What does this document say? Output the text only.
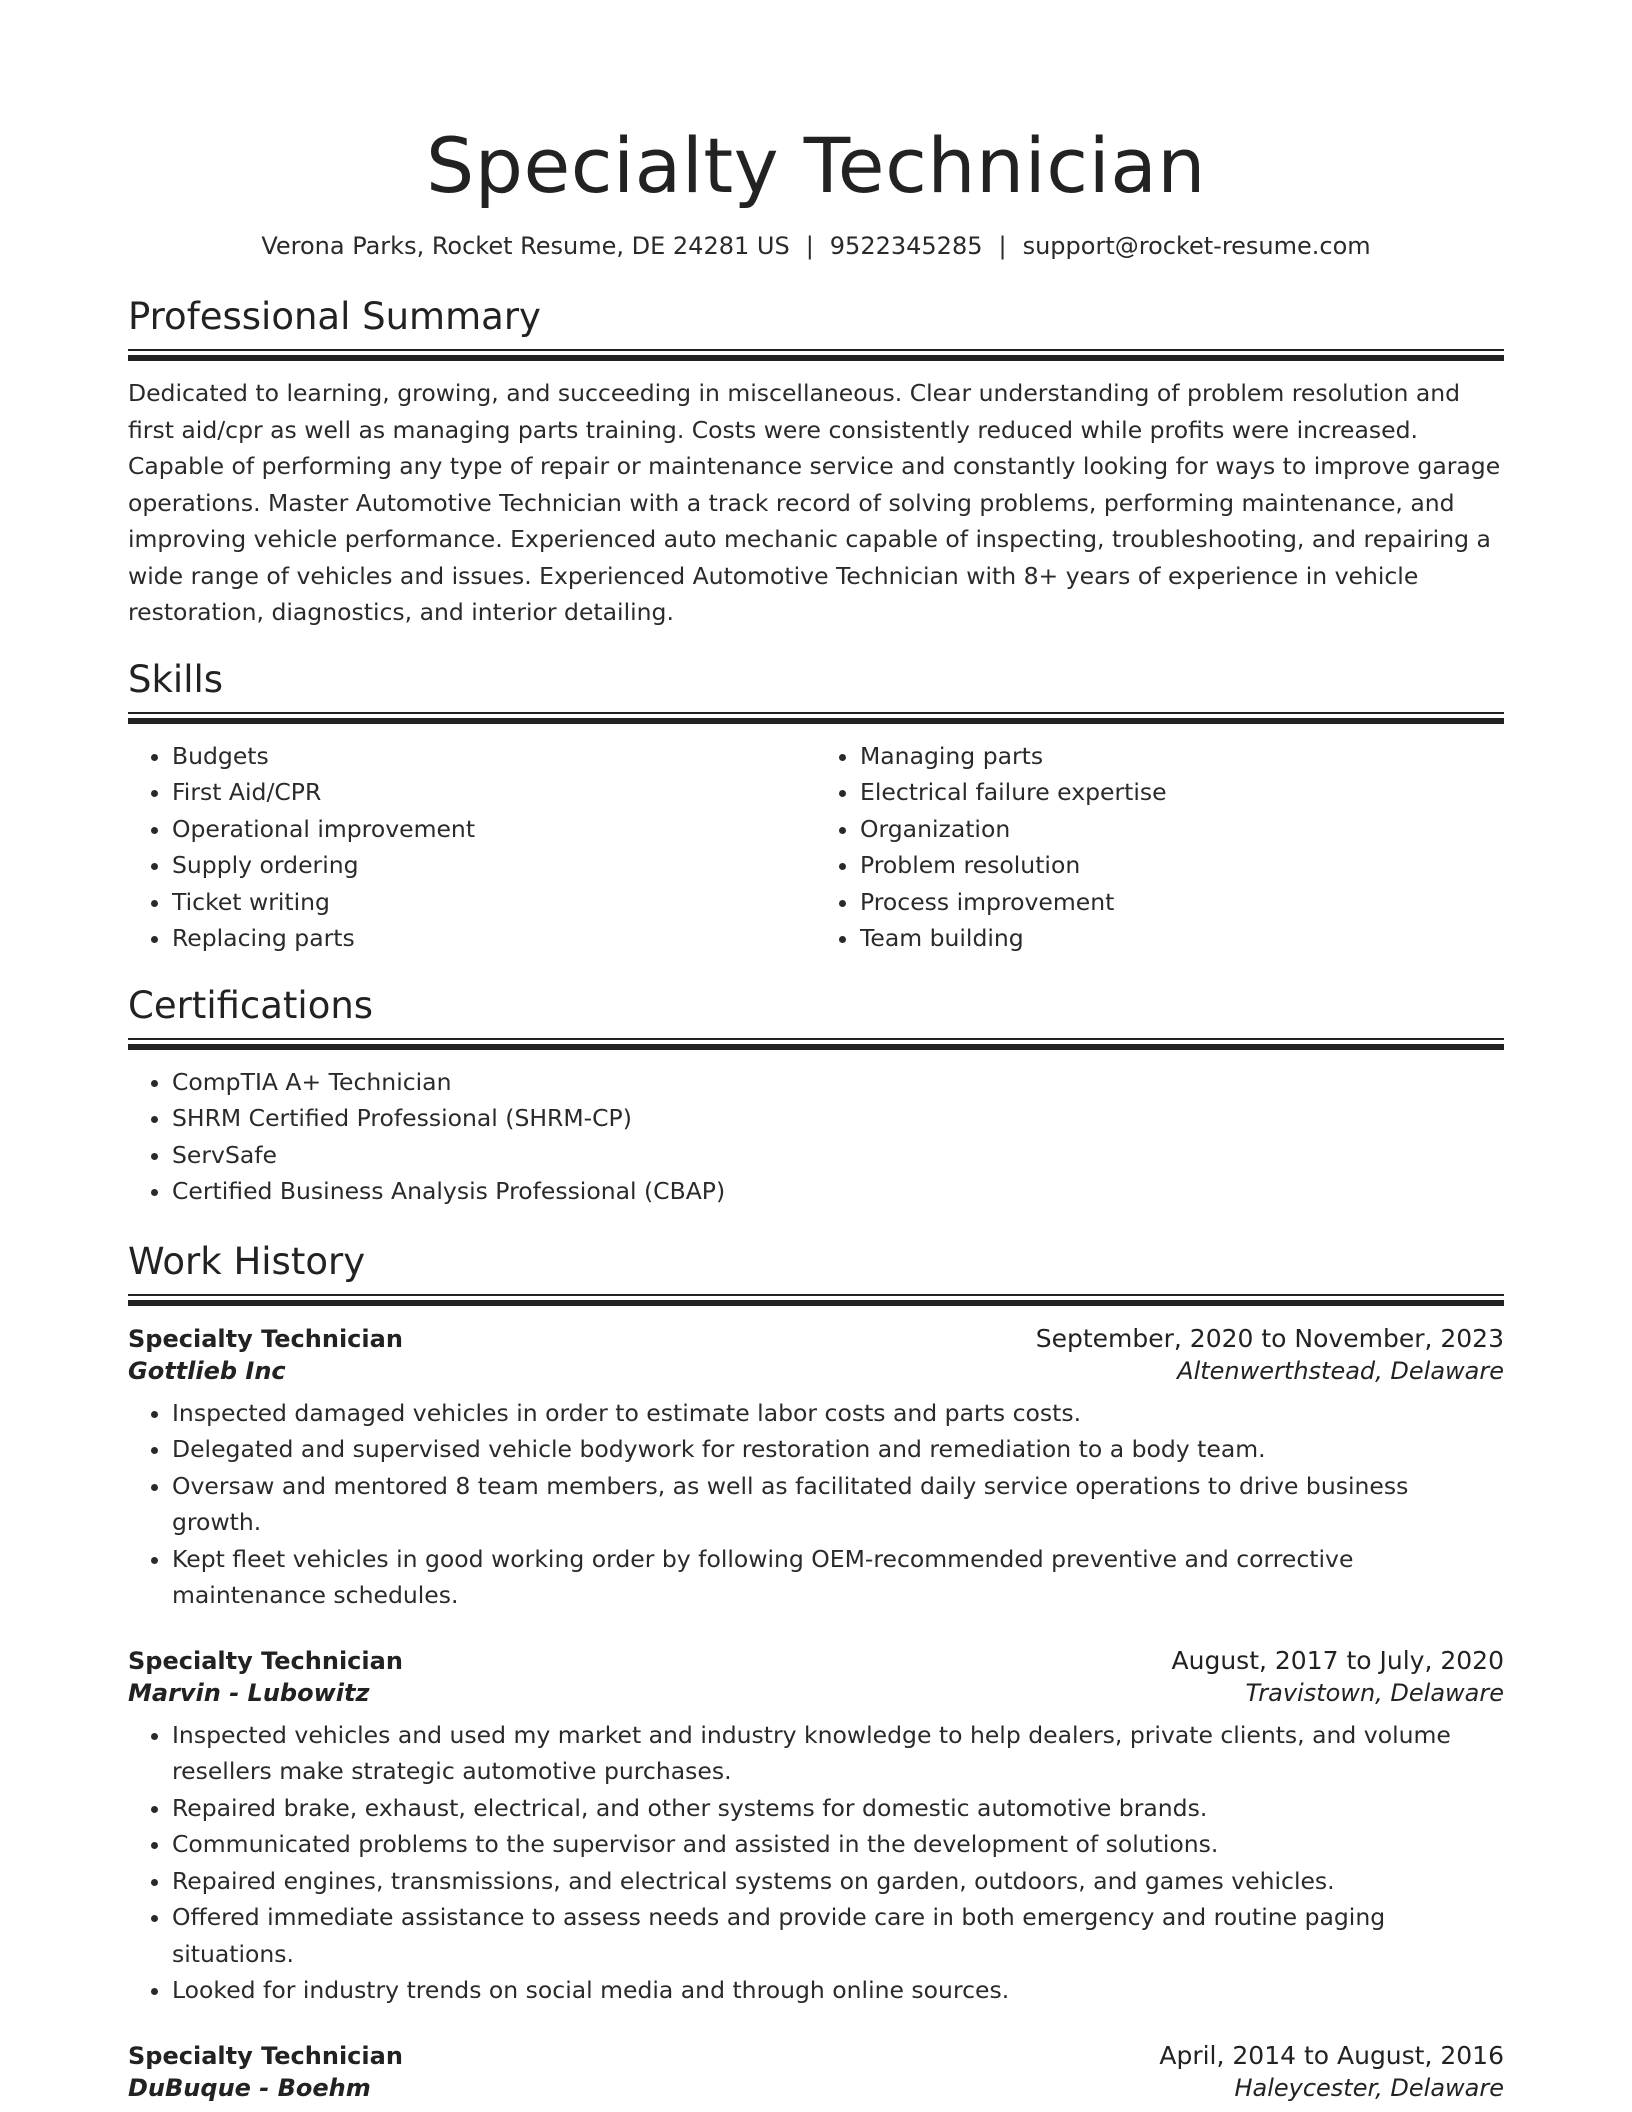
Specialty Technician
Verona Parks, Rocket Resume, DE 24281 US | 9522345285 | support@rocket-resume.com
Professional Summary

Dedicated to learning, growing, and succeeding in miscellaneous. Clear understanding of problem resolution and first aid/cpr as well as managing parts training. Costs were consistently reduced while profits were increased. Capable of performing any type of repair or maintenance service and constantly looking for ways to improve garage operations. Master Automotive Technician with a track record of solving problems, performing maintenance, and improving vehicle performance. Experienced auto mechanic capable of inspecting, troubleshooting, and repairing a wide range of vehicles and issues. Experienced Automotive Technician with 8+ years of experience in vehicle restoration, diagnostics, and interior detailing.

Skills
• Budgets
• First Aid/CPR
• Operational improvement
• Supply ordering
• Ticket writing
• Replacing parts
• Managing parts
• Electrical failure expertise
• Organization
• Problem resolution
• Process improvement
• Team building
Certifications
• CompTIA A+ Technician
• SHRM Certified Professional (SHRM-CP)
• ServSafe
• Certified Business Analysis Professional (CBAP)
Work History
Specialty Technician	September, 2020 to November, 2023
Gottlieb Inc	Altenwerthstead, Delaware
• Inspected damaged vehicles in order to estimate labor costs and parts costs.
• Delegated and supervised vehicle bodywork for restoration and remediation to a body team.
• Oversaw and mentored 8 team members, as well as facilitated daily service operations to drive business growth.
• Kept fleet vehicles in good working order by following OEM-recommended preventive and corrective maintenance schedules.
Specialty Technician	August, 2017 to July, 2020
Marvin - Lubowitz	Travistown, Delaware
• Inspected vehicles and used my market and industry knowledge to help dealers, private clients, and volume resellers make strategic automotive purchases.
• Repaired brake, exhaust, electrical, and other systems for domestic automotive brands.
• Communicated problems to the supervisor and assisted in the development of solutions.
• Repaired engines, transmissions, and electrical systems on garden, outdoors, and games vehicles.
• Offered immediate assistance to assess needs and provide care in both emergency and routine paging situations.
• Looked for industry trends on social media and through online sources.
Specialty Technician	April, 2014 to August, 2016
DuBuque - Boehm	Haleycester, Delaware
